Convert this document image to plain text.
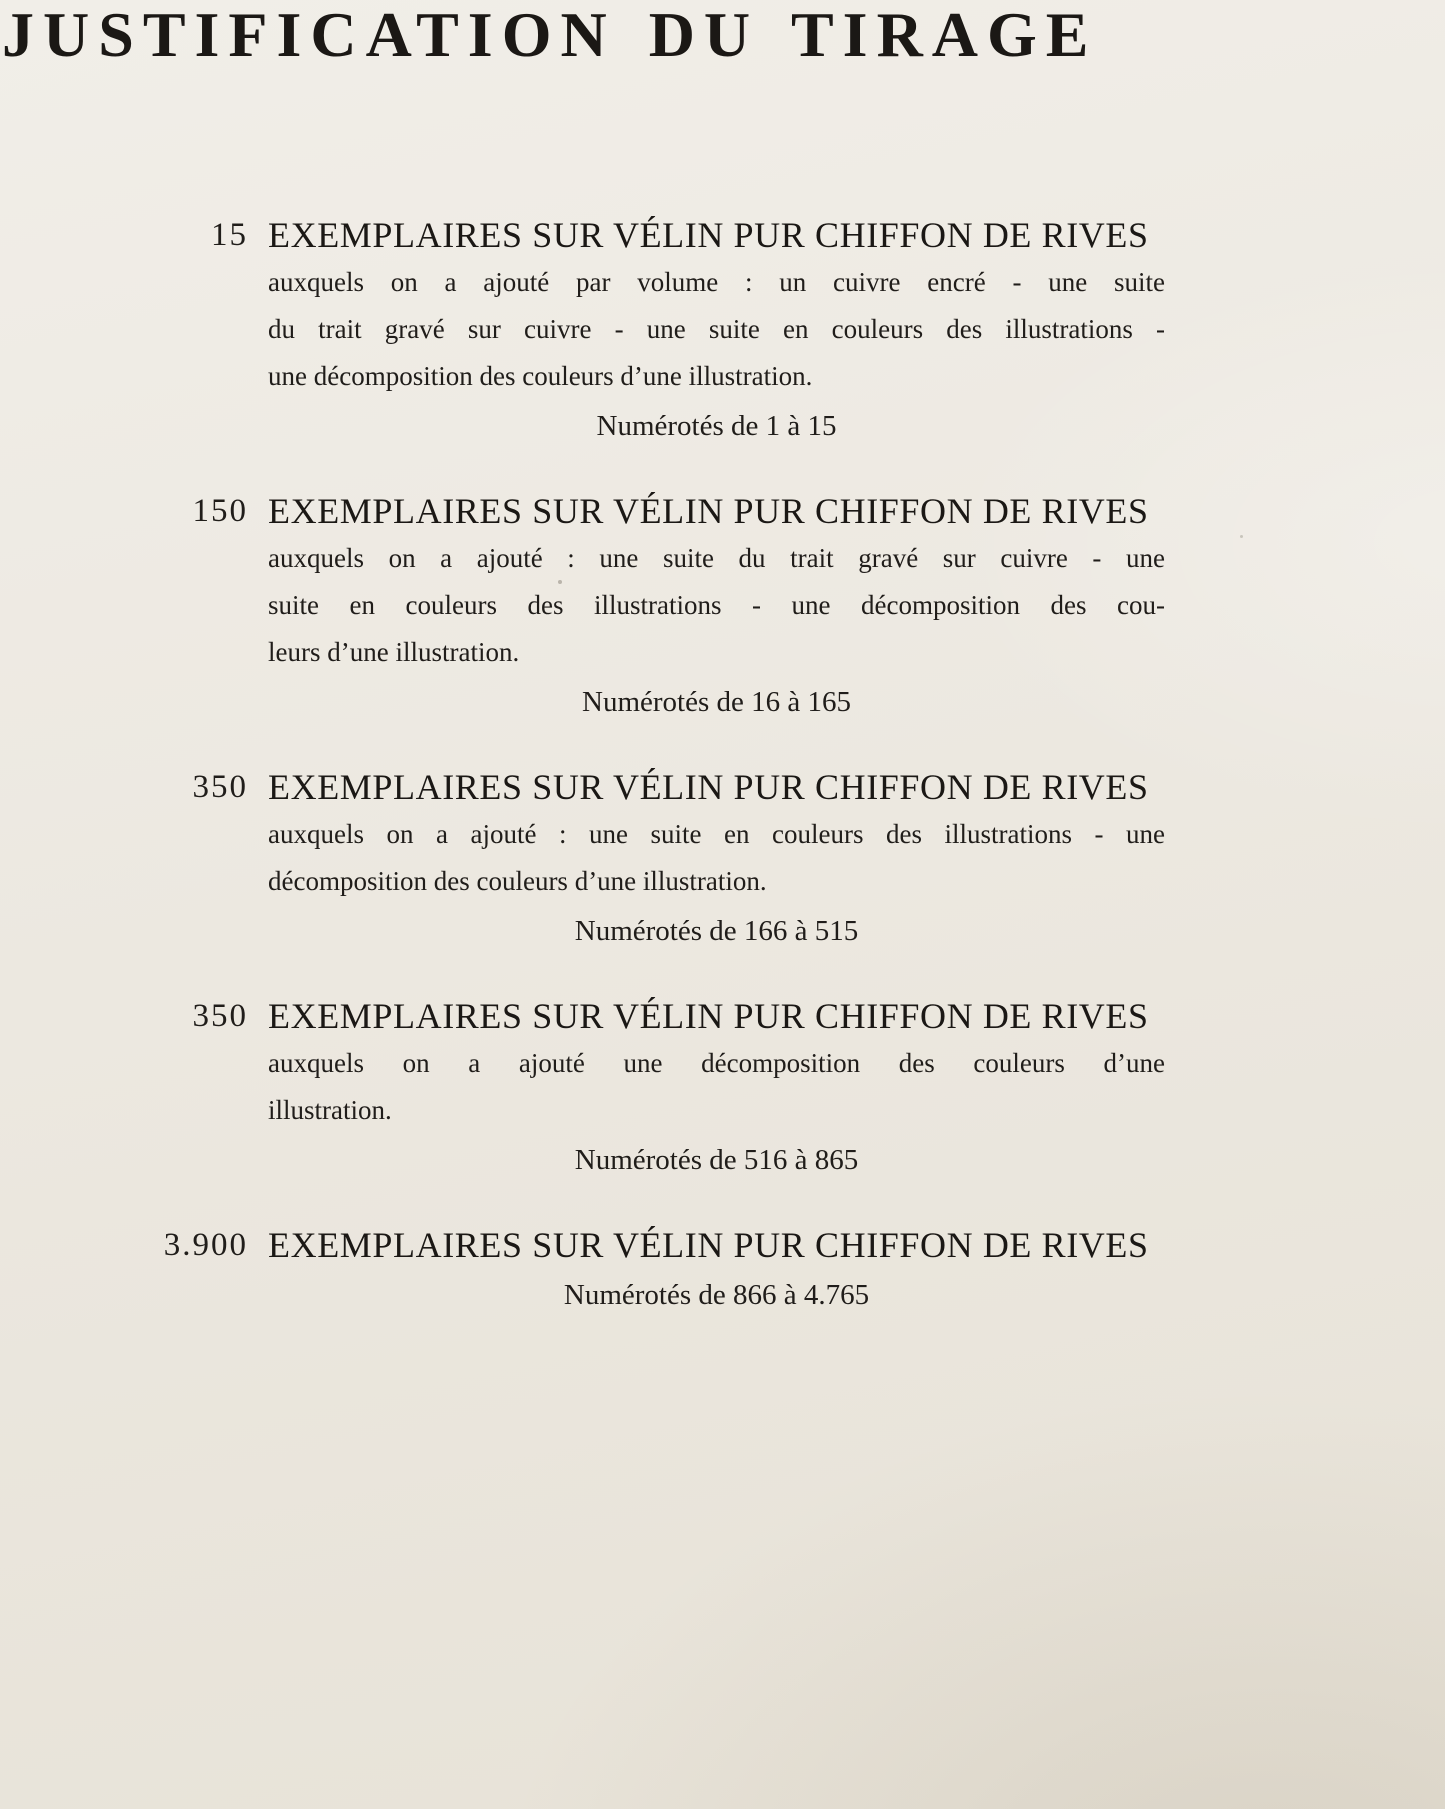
JUSTIFICATION DU TIRAGE
15 EXEMPLAIRES SUR VÉLIN PUR CHIFFON DE RIVES
auxquels on a ajouté par volume : un cuivre encré - une suite
du trait gravé sur cuivre - une suite en couleurs des illustrations -
une décomposition des couleurs d’une illustration.
Numérotés de 1 à 15
150 EXEMPLAIRES SUR VÉLIN PUR CHIFFON DE RIVES
auxquels on a ajouté : une suite du trait gravé sur cuivre - une
suite en couleurs des illustrations - une décomposition des cou-
leurs d’une illustration.
Numérotés de 16 à 165
350 EXEMPLAIRES SUR VÉLIN PUR CHIFFON DE RIVES
auxquels on a ajouté : une suite en couleurs des illustrations - une
décomposition des couleurs d’une illustration.
Numérotés de 166 à 515
350 EXEMPLAIRES SUR VÉLIN PUR CHIFFON DE RIVES
auxquels on a ajouté une décomposition des couleurs d’une
illustration.
Numérotés de 516 à 865
3.900 EXEMPLAIRES SUR VÉLIN PUR CHIFFON DE RIVES
Numérotés de 866 à 4.765
